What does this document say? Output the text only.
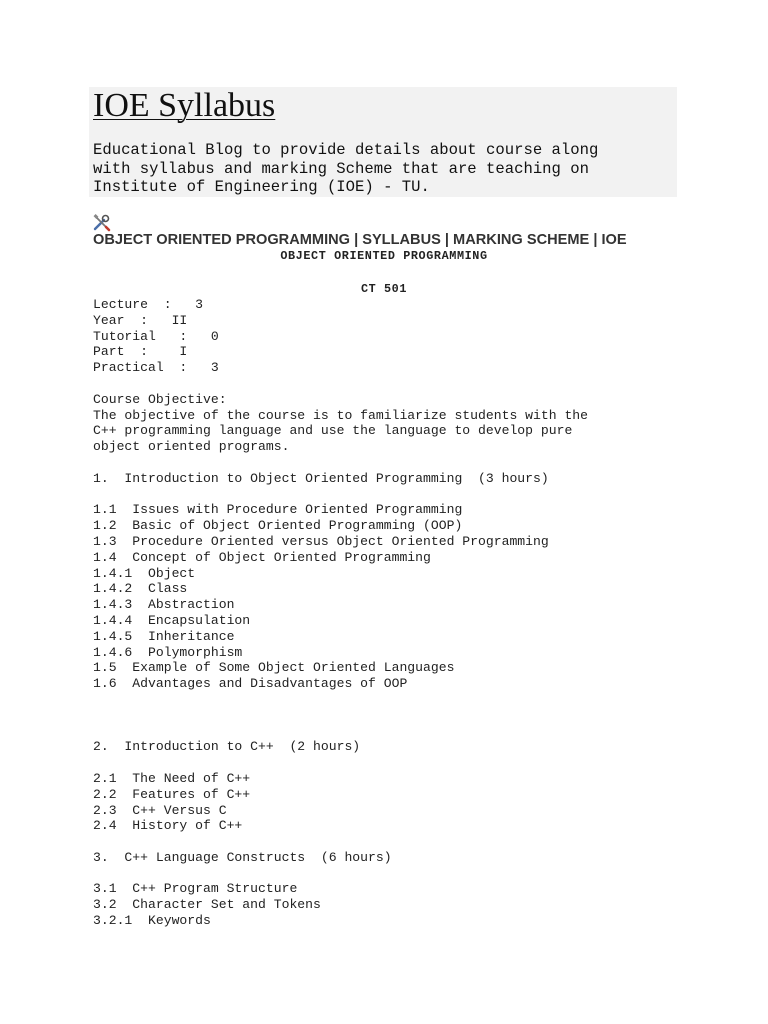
IOE Syllabus

Educational Blog to provide details about course along
with syllabus and marking Scheme that are teaching on
Institute of Engineering (IOE) - TU.

OBJECT ORIENTED PROGRAMMING | SYLLABUS | MARKING SCHEME | IOE
OBJECT ORIENTED PROGRAMMING
CT 501
Lecture  :   3
Year  :   II
Tutorial   :   0
Part  :    I
Practical  :   3
Course Objective:
The objective of the course is to familiarize students with the
C++ programming language and use the language to develop pure
object oriented programs.
1.  Introduction to Object Oriented Programming  (3 hours)
1.1  Issues with Procedure Oriented Programming
1.2  Basic of Object Oriented Programming (OOP)
1.3  Procedure Oriented versus Object Oriented Programming
1.4  Concept of Object Oriented Programming
1.4.1  Object
1.4.2  Class
1.4.3  Abstraction
1.4.4  Encapsulation
1.4.5  Inheritance
1.4.6  Polymorphism
1.5  Example of Some Object Oriented Languages
1.6  Advantages and Disadvantages of OOP
2.  Introduction to C++  (2 hours)
2.1  The Need of C++
2.2  Features of C++
2.3  C++ Versus C
2.4  History of C++
3.  C++ Language Constructs  (6 hours)
3.1  C++ Program Structure
3.2  Character Set and Tokens
3.2.1  Keywords
